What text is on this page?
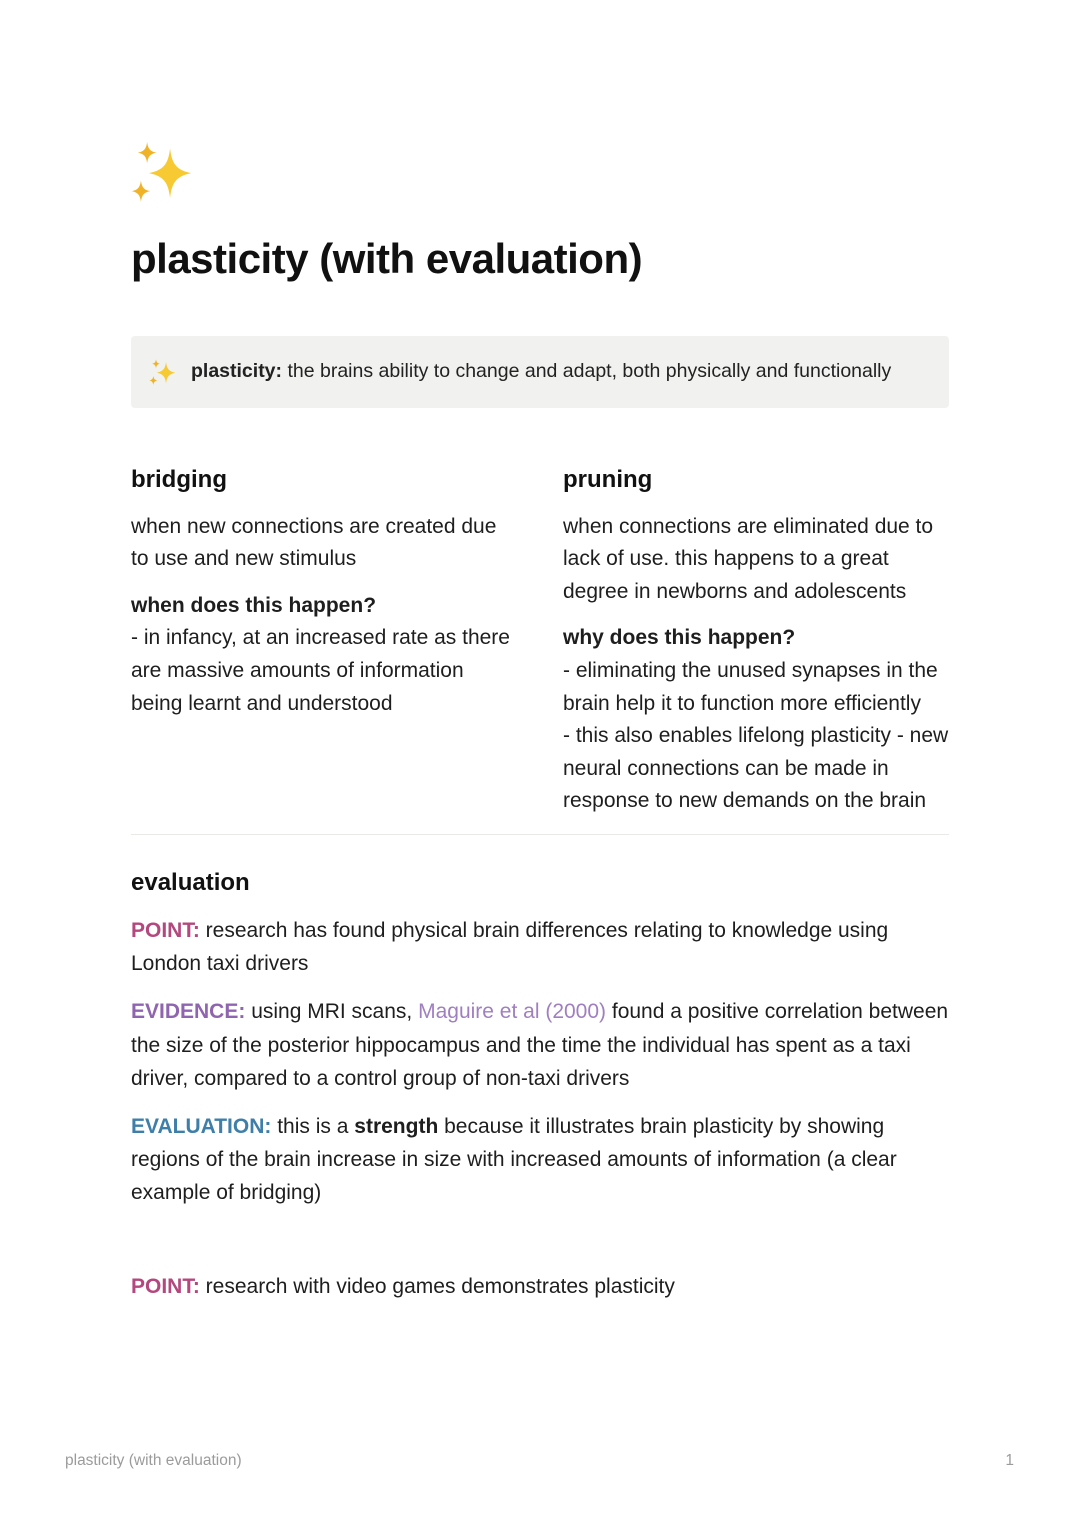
plasticity (with evaluation)
plasticity: the brains ability to change and adapt, both physically and functionally
bridging

when new connections are created due to use and new stimulus

when does this happen?
- in infancy, at an increased rate as there are massive amounts of information being learnt and understood
pruning

when connections are eliminated due to lack of use. this happens to a great degree in newborns and adolescents

why does this happen?
- eliminating the unused synapses in the brain help it to function more efficiently
- this also enables lifelong plasticity - new neural connections can be made in response to new demands on the brain
evaluation

POINT: research has found physical brain differences relating to knowledge using London taxi drivers

EVIDENCE: using MRI scans, Maguire et al (2000) found a positive correlation between the size of the posterior hippocampus and the time the individual has spent as a taxi driver, compared to a control group of non-taxi drivers

EVALUATION: this is a strength because it illustrates brain plasticity by showing regions of the brain increase in size with increased amounts of information (a clear example of bridging)

POINT: research with video games demonstrates plasticity

plasticity (with evaluation)	1
